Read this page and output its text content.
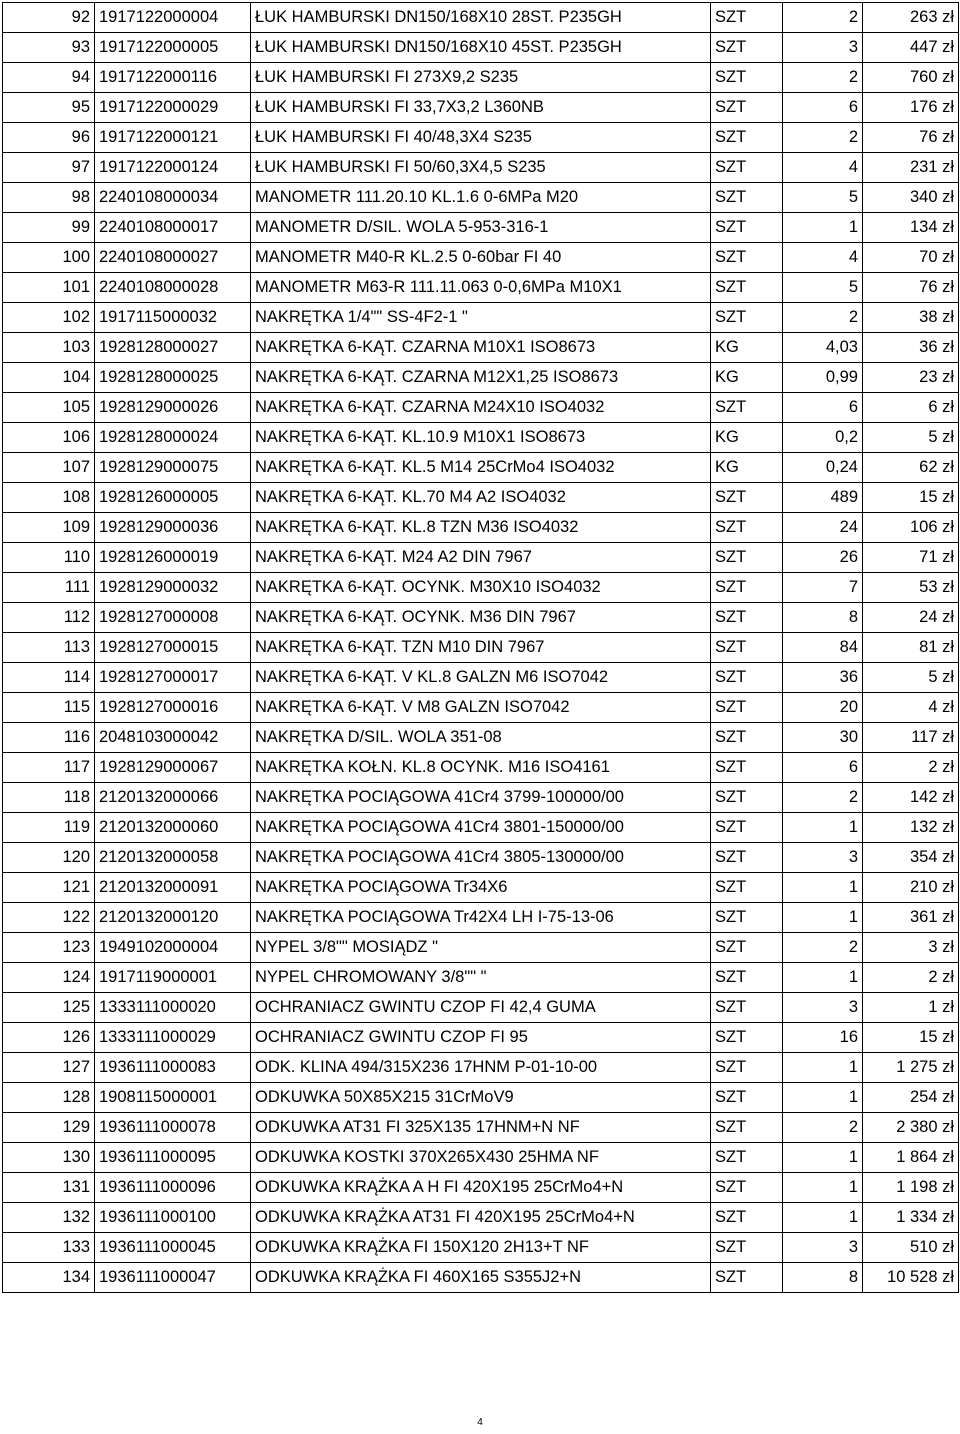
92	1917122000004	ŁUK HAMBURSKI DN150/168X10 28ST. P235GH	SZT	2	263 zł
93	1917122000005	ŁUK HAMBURSKI DN150/168X10 45ST. P235GH	SZT	3	447 zł
94	1917122000116	ŁUK HAMBURSKI FI 273X9,2 S235	SZT	2	760 zł
95	1917122000029	ŁUK HAMBURSKI FI 33,7X3,2 L360NB	SZT	6	176 zł
96	1917122000121	ŁUK HAMBURSKI FI 40/48,3X4 S235	SZT	2	76 zł
97	1917122000124	ŁUK HAMBURSKI FI 50/60,3X4,5 S235	SZT	4	231 zł
98	2240108000034	MANOMETR 111.20.10 KL.1.6 0-6MPa M20	SZT	5	340 zł
99	2240108000017	MANOMETR D/SIL. WOLA 5-953-316-1	SZT	1	134 zł
100	2240108000027	MANOMETR M40-R KL.2.5 0-60bar FI 40	SZT	4	70 zł
101	2240108000028	MANOMETR M63-R 111.11.063 0-0,6MPa M10X1	SZT	5	76 zł
102	1917115000032	NAKRĘTKA 1/4"" SS-4F2-1 "	SZT	2	38 zł
103	1928128000027	NAKRĘTKA 6-KĄT. CZARNA M10X1 ISO8673	KG	4,03	36 zł
104	1928128000025	NAKRĘTKA 6-KĄT. CZARNA M12X1,25 ISO8673	KG	0,99	23 zł
105	1928129000026	NAKRĘTKA 6-KĄT. CZARNA M24X10 ISO4032	SZT	6	6 zł
106	1928128000024	NAKRĘTKA 6-KĄT. KL.10.9 M10X1 ISO8673	KG	0,2	5 zł
107	1928129000075	NAKRĘTKA 6-KĄT. KL.5 M14 25CrMo4 ISO4032	KG	0,24	62 zł
108	1928126000005	NAKRĘTKA 6-KĄT. KL.70 M4 A2 ISO4032	SZT	489	15 zł
109	1928129000036	NAKRĘTKA 6-KĄT. KL.8 TZN M36 ISO4032	SZT	24	106 zł
110	1928126000019	NAKRĘTKA 6-KĄT. M24 A2 DIN 7967	SZT	26	71 zł
111	1928129000032	NAKRĘTKA 6-KĄT. OCYNK. M30X10 ISO4032	SZT	7	53 zł
112	1928127000008	NAKRĘTKA 6-KĄT. OCYNK. M36 DIN 7967	SZT	8	24 zł
113	1928127000015	NAKRĘTKA 6-KĄT. TZN M10 DIN 7967	SZT	84	81 zł
114	1928127000017	NAKRĘTKA 6-KĄT. V KL.8 GALZN M6 ISO7042	SZT	36	5 zł
115	1928127000016	NAKRĘTKA 6-KĄT. V M8 GALZN ISO7042	SZT	20	4 zł
116	2048103000042	NAKRĘTKA D/SIL. WOLA 351-08	SZT	30	117 zł
117	1928129000067	NAKRĘTKA KOŁN. KL.8 OCYNK. M16 ISO4161	SZT	6	2 zł
118	2120132000066	NAKRĘTKA POCIĄGOWA 41Cr4 3799-100000/00	SZT	2	142 zł
119	2120132000060	NAKRĘTKA POCIĄGOWA 41Cr4 3801-150000/00	SZT	1	132 zł
120	2120132000058	NAKRĘTKA POCIĄGOWA 41Cr4 3805-130000/00	SZT	3	354 zł
121	2120132000091	NAKRĘTKA POCIĄGOWA Tr34X6	SZT	1	210 zł
122	2120132000120	NAKRĘTKA POCIĄGOWA Tr42X4 LH I-75-13-06	SZT	1	361 zł
123	1949102000004	NYPEL 3/8"" MOSIĄDZ "	SZT	2	3 zł
124	1917119000001	NYPEL CHROMOWANY 3/8"" "	SZT	1	2 zł
125	1333111000020	OCHRANIACZ GWINTU CZOP FI 42,4 GUMA	SZT	3	1 zł
126	1333111000029	OCHRANIACZ GWINTU CZOP FI 95	SZT	16	15 zł
127	1936111000083	ODK. KLINA 494/315X236 17HNM P-01-10-00	SZT	1	1 275 zł
128	1908115000001	ODKUWKA 50X85X215 31CrMoV9	SZT	1	254 zł
129	1936111000078	ODKUWKA AT31 FI 325X135 17HNM+N NF	SZT	2	2 380 zł
130	1936111000095	ODKUWKA KOSTKI 370X265X430 25HMA NF	SZT	1	1 864 zł
131	1936111000096	ODKUWKA KRĄŻKA A H FI 420X195 25CrMo4+N	SZT	1	1 198 zł
132	1936111000100	ODKUWKA KRĄŻKA AT31 FI 420X195 25CrMo4+N	SZT	1	1 334 zł
133	1936111000045	ODKUWKA KRĄŻKA FI 150X120 2H13+T NF	SZT	3	510 zł
134	1936111000047	ODKUWKA KRĄŻKA FI 460X165 S355J2+N	SZT	8	10 528 zł
4
